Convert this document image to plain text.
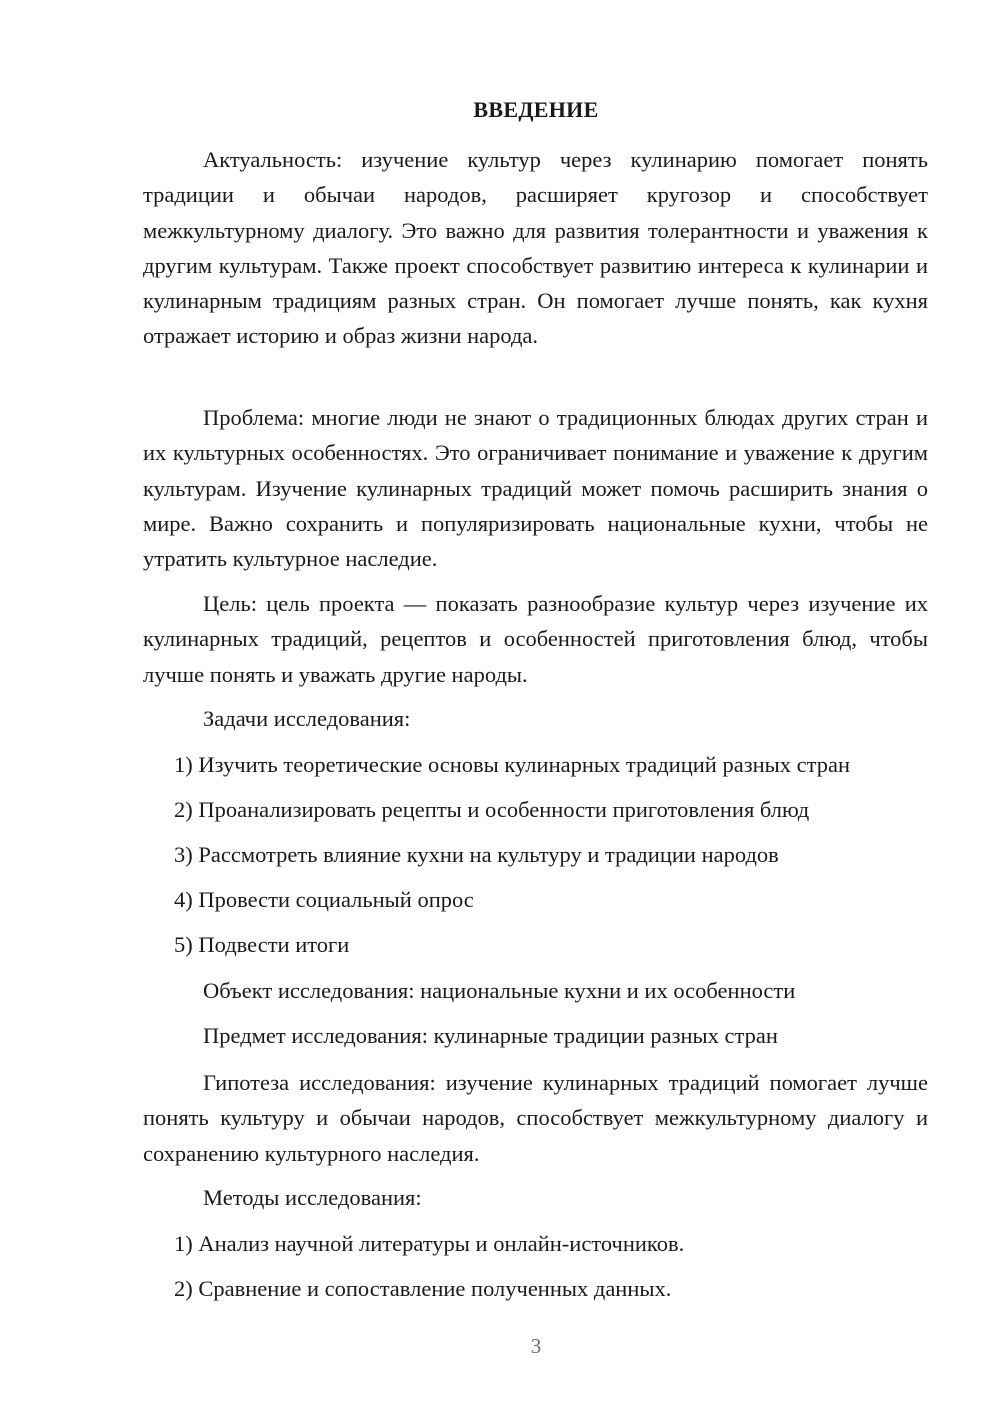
ВВЕДЕНИЕ

Актуальность: изучение культур через кулинарию помогает понять традиции и обычаи народов, расширяет кругозор и способствует межкультурному диалогу. Это важно для развития толерантности и уважения к другим культурам. Также проект способствует развитию интереса к кулинарии и кулинарным традициям разных стран. Он помогает лучше понять, как кухня отражает историю и образ жизни народа.

Проблема: многие люди не знают о традиционных блюдах других стран и их культурных особенностях. Это ограничивает понимание и уважение к другим культурам. Изучение кулинарных традиций может помочь расширить знания о мире. Важно сохранить и популяризировать национальные кухни, чтобы не утратить культурное наследие.

Цель: цель проекта — показать разнообразие культур через изучение их кулинарных традиций, рецептов и особенностей приготовления блюд, чтобы лучше понять и уважать другие народы.

Задачи исследования:

1) Изучить теоретические основы кулинарных традиций разных стран

2) Проанализировать рецепты и особенности приготовления блюд

3) Рассмотреть влияние кухни на культуру и традиции народов

4) Провести социальный опрос

5) Подвести итоги

Объект исследования: национальные кухни и их особенности

Предмет исследования: кулинарные традиции разных стран

Гипотеза исследования: изучение кулинарных традиций помогает лучше понять культуру и обычаи народов, способствует межкультурному диалогу и сохранению культурного наследия.

Методы исследования:

1) Анализ научной литературы и онлайн-источников.

2) Сравнение и сопоставление полученных данных.

3
